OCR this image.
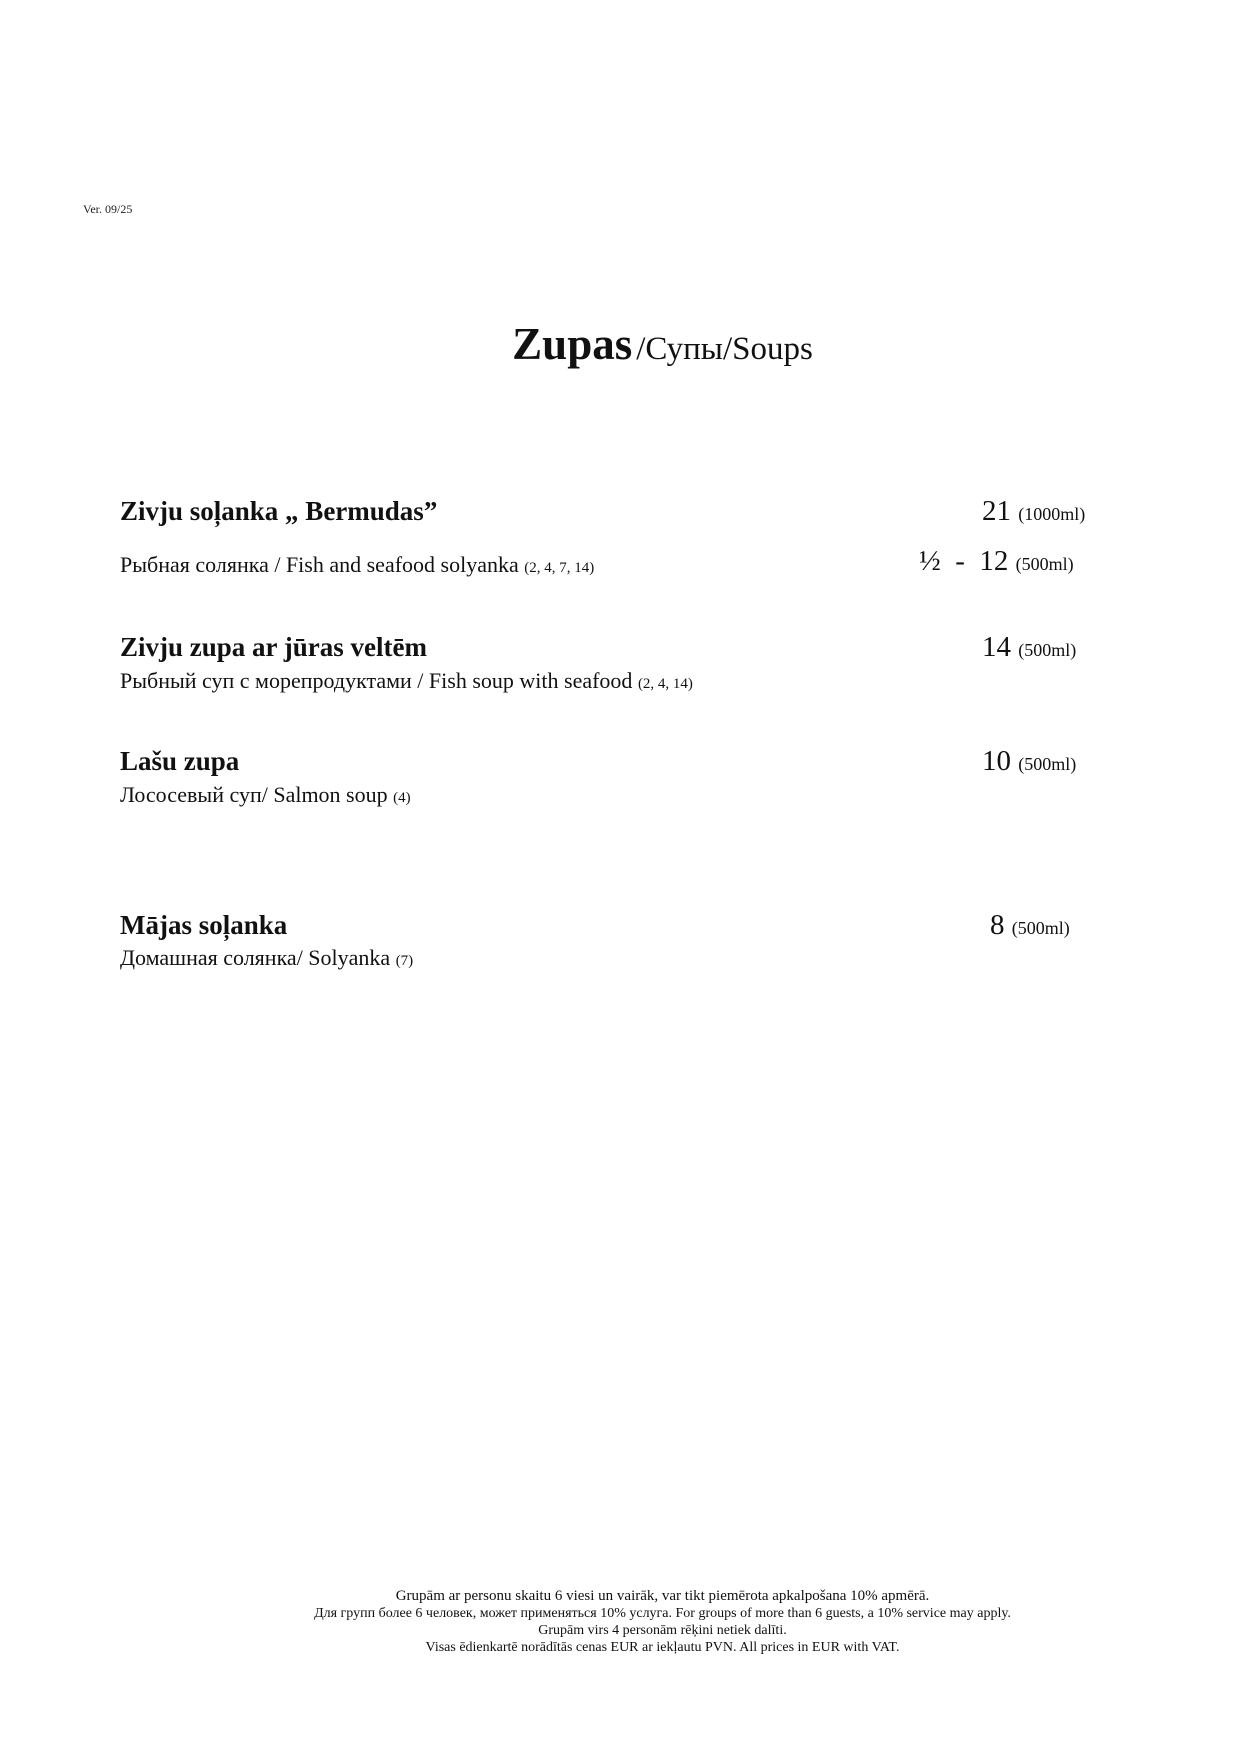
Ver. 09/25
Zupas /Супы/Soups
Zivju soļanka „ Bermudas”	21 (1000ml)
Рыбная солянка / Fish and seafood solyanka (2, 4, 7, 14)	½  -  12 (500ml)
Zivju zupa ar jūras veltēm	14 (500ml)
Рыбный суп с морепродуктами / Fish soup with seafood (2, 4, 14)
Lašu zupa	10 (500ml)
Лососевый суп/ Salmon soup (4)
Mājas soļanka	8 (500ml)
Домашная солянка/ Solyanka (7)
Grupām ar personu skaitu 6 viesi un vairāk, var tikt piemērota apkalpošana 10% apmērā.
Для групп более 6 человек, может применяться 10% услуга. For groups of more than 6 guests, a 10% service may apply.
Grupām virs 4 personām rēķini netiek dalīti.
Visas ēdienkartē norādītās cenas EUR ar iekļautu PVN. All prices in EUR with VAT.
